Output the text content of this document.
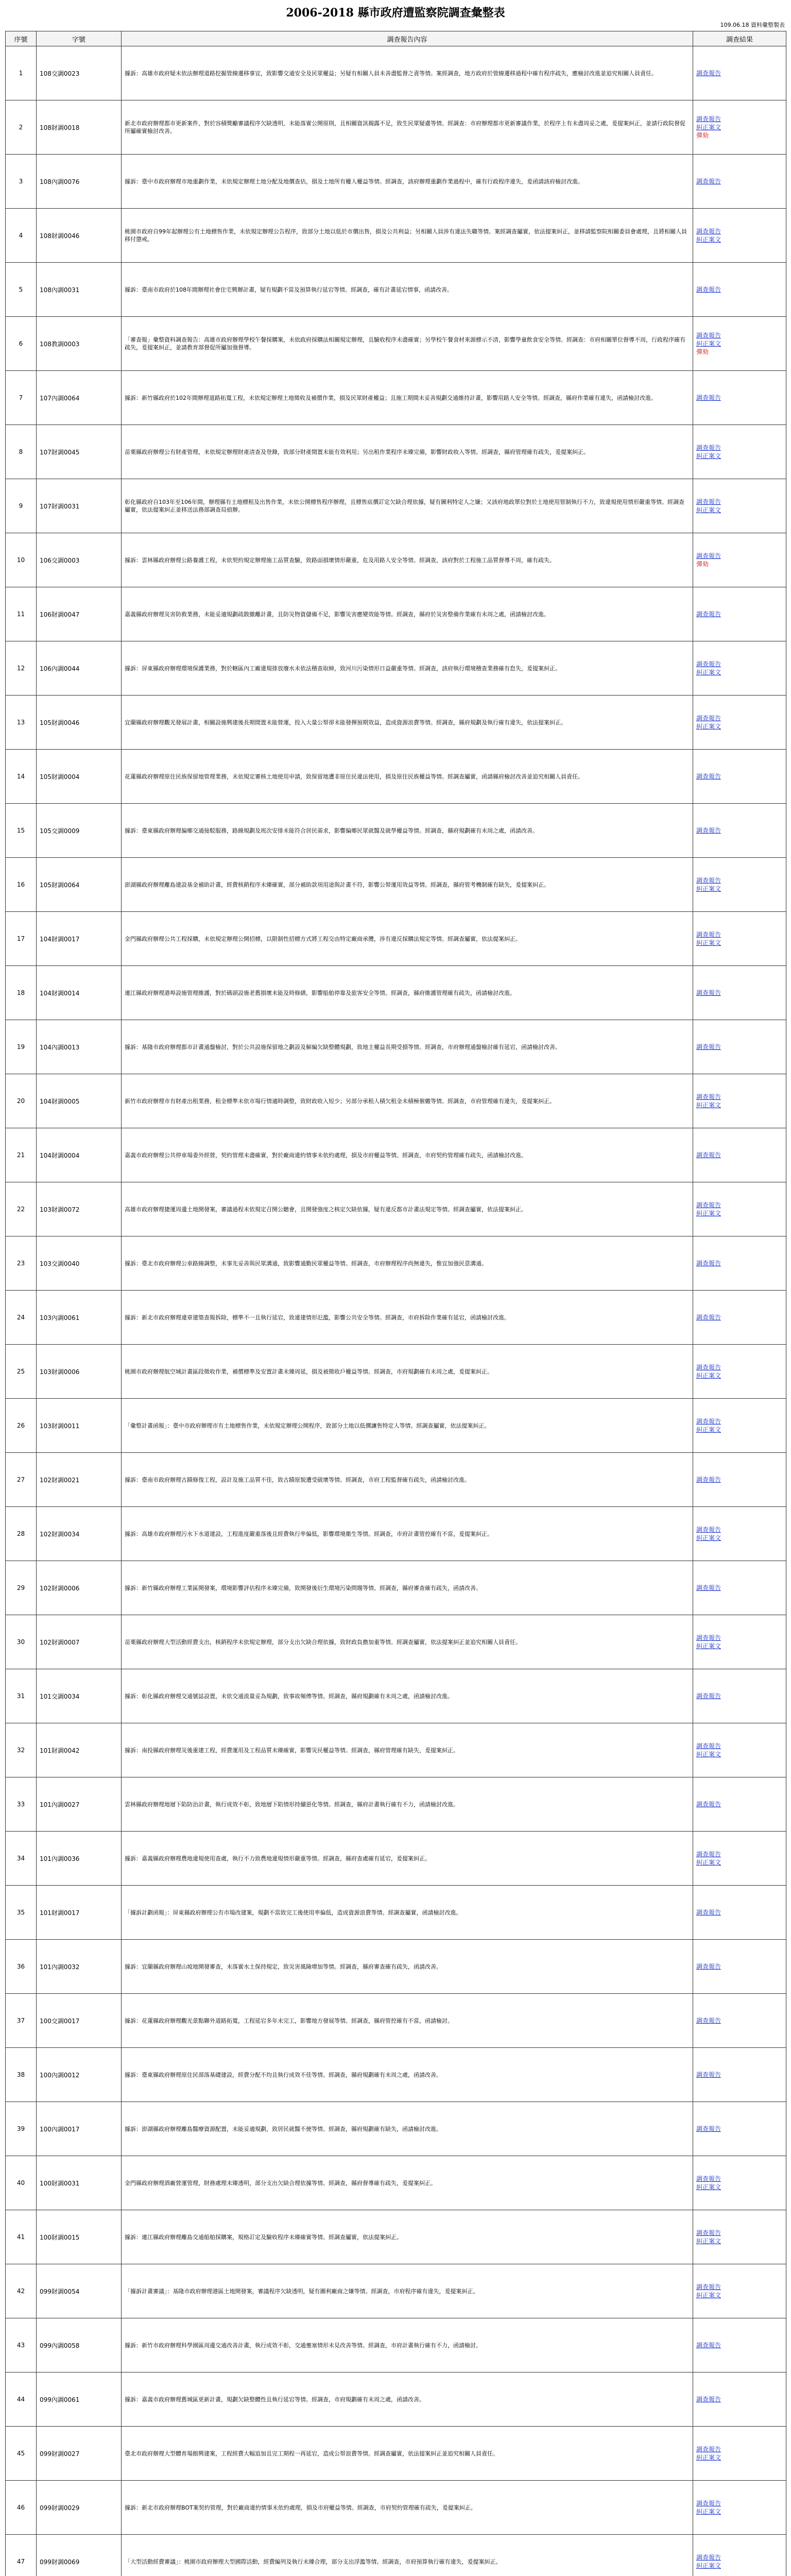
2006-2018 縣市政府遭監察院調查彙整表
109.06.18 資料彙整製表
序號	字號	調查報告內容	調查結果
1	108交調0023	據訴：高雄市政府疑未依法辦理道路挖掘管線遷移事宜，致影響交通安全及民眾權益；另疑有相關人員未善盡監督之責等情。案經調查，地方政府於管線遷移過程中確有程序疏失，應檢討改進並追究相關人員責任。	調查報告

2	108財調0018	新北市政府辦理都市更新案件，對於容積獎勵審議程序欠缺透明，未能落實公開原則，且相關資訊揭露不足，致生民眾疑慮等情。經調查：市府辦理都市更新審議作業，於程序上有未盡周妥之處，爰提案糾正，並請行政院督促所屬確實檢討改善。	調查報告
糾正案文
彈劾

3	108內調0076	據訴：臺中市政府辦理市地重劃作業，未依規定辦理土地分配及地價查估，損及土地所有權人權益等情。經調查，該府辦理重劃作業過程中，確有行政程序違失，爰函請該府檢討改進。	調查報告

4	108財調0046	桃園市政府自99年起辦理公有土地標售作業，未依規定辦理公告程序，致部分土地以低於市價出售，損及公共利益；另相關人員涉有違法失職等情。案經調查屬實，依法提案糾正，並移請監察院相關委員會處理，且將相關人員移付懲戒。	調查報告
糾正案文

5	108內調0031	據訴：臺南市政府於108年間辦理社會住宅興辦計畫，疑有規劃不當及預算執行延宕等情。經調查，確有計畫延宕情事，函請改善。	調查報告

6	108教調0003	「審查報」彙整資料調查報告：高雄市政府辦理學校午餐採購案，未依政府採購法相關規定辦理，且驗收程序未盡確實；另學校午餐食材來源標示不清，影響學童飲食安全等情。經調查：市府相關單位督導不周，行政程序確有疏失，爰提案糾正，並請教育部督促所屬加強督導。	調查報告
糾正案文
彈劾

7	107內調0064	據訴：新竹縣政府於102年間辦理道路拓寬工程，未依規定辦理土地徵收及補償作業，損及民眾財產權益；且施工期間未妥善規劃交通維持計畫，影響用路人安全等情。經調查，縣府作業確有違失，函請檢討改進。	調查報告

8	107財調0045	苗栗縣政府辦理公有財產管理，未依規定辦理財產清查及登錄，致部分財產閒置未能有效利用；另出租作業程序未臻完備，影響財政收入等情。經調查，縣府管理確有疏失，爰提案糾正。	調查報告
糾正案文

9	107財調0031	彰化縣政府自103年至106年間，辦理縣有土地標租及出售作業，未依公開標售程序辦理，且標售底價訂定欠缺合理依據，疑有圖利特定人之嫌；又該府地政單位對於土地使用管制執行不力，致違規使用情形嚴重等情。經調查屬實，依法提案糾正並移送法務部調查局偵辦。	調查報告
糾正案文

10	106交調0003	據訴：雲林縣政府辦理公路養護工程，未依契約規定辦理施工品質查驗，致路面損壞情形嚴重，危及用路人安全等情。經調查，該府對於工程施工品質督導不周，確有疏失。	調查報告
彈劾

11	106財調0047	嘉義縣政府辦理災害防救業務，未能妥適規劃疏散撤離計畫，且防災物資儲備不足，影響災害應變效能等情。經調查，縣府於災害整備作業確有未周之處，函請檢討改進。	調查報告

12	106內調0044	據訴：屏東縣政府辦理環境保護業務，對於轄區內工廠違規排放廢水未依法稽查取締，致河川污染情形日益嚴重等情。經調查，該府執行環境稽查業務確有怠失，爰提案糾正。	調查報告
糾正案文

13	105財調0046	宜蘭縣政府辦理觀光發展計畫，相關設施興建後長期閒置未能營運，投入大量公帑卻未能發揮預期效益，造成資源浪費等情。經調查，縣府規劃及執行確有違失，依法提案糾正。	調查報告
糾正案文

14	105財調0004	花蓮縣政府辦理原住民族保留地管理業務，未依規定審核土地使用申請，致保留地遭非原住民違法使用，損及原住民族權益等情。經調查屬實，函請縣府檢討改善並追究相關人員責任。	調查報告

15	105交調0009	據訴：臺東縣政府辦理偏鄉交通接駁服務，路線規劃及班次安排未能符合居民需求，影響偏鄉民眾就醫及就學權益等情。經調查，縣府規劃確有未周之處，函請改善。	調查報告

16	105財調0064	澎湖縣政府辦理離島建設基金補助計畫，經費核銷程序未臻確實，部分補助款項用途與計畫不符，影響公帑運用效益等情。經調查，縣府管考機制確有缺失，爰提案糾正。	調查報告
糾正案文

17	104財調0017	金門縣政府辦理公共工程採購，未依規定辦理公開招標，以限制性招標方式將工程交由特定廠商承攬，涉有違反採購法規定等情。經調查屬實，依法提案糾正。	調查報告
糾正案文

18	104財調0014	連江縣政府辦理港埠設施管理維護，對於碼頭設施老舊損壞未能及時修繕，影響船舶停靠及旅客安全等情。經調查，縣府維護管理確有疏失，函請檢討改進。	調查報告

19	104內調0013	據訴：基隆市政府辦理都市計畫通盤檢討，對於公共設施保留地之劃設及解編欠缺整體規劃，致地主權益長期受損等情。經調查，市府辦理通盤檢討確有延宕，函請檢討改善。	調查報告

20	104財調0005	新竹市政府辦理市有財產出租業務，租金標準未依市場行情適時調整，致財政收入短少；另部分承租人積欠租金未積極催繳等情。經調查，市府管理確有違失，爰提案糾正。	調查報告
糾正案文

21	104財調0004	嘉義市政府辦理公共停車場委外經營，契約管理未盡確實，對於廠商違約情事未依約處理，損及市府權益等情。經調查，市府契約管理確有疏失，函請檢討改進。	調查報告

22	103財調0072	高雄市政府辦理捷運周邊土地開發案，審議過程未依規定召開公聽會，且開發強度之核定欠缺依據，疑有違反都市計畫法規定等情。經調查屬實，依法提案糾正。	調查報告
糾正案文

23	103交調0040	據訴：臺北市政府辦理公車路線調整，未事先妥善與民眾溝通，致影響通勤民眾權益等情。經調查，市府辦理程序尚無違失，惟宜加強民意溝通。	調查報告

24	103內調0061	據訴：新北市政府辦理違章建築查報拆除，標準不一且執行延宕，致違建情形氾濫，影響公共安全等情。經調查，市府拆除作業確有延宕，函請檢討改進。	調查報告

25	103財調0006	桃園市政府辦理航空城計畫區段徵收作業，補償標準及安置計畫未臻周延，損及被徵收戶權益等情。經調查，市府規劃確有未周之處，爰提案糾正。	調查報告
糾正案文

26	103財調0011	「彙整計畫函報」：臺中市政府辦理市有土地標售作業，未依規定辦理公開程序，致部分土地以低價讓售特定人等情。經調查屬實，依法提案糾正。	調查報告
糾正案文

27	102財調0021	據訴：臺南市政府辦理古蹟修復工程，設計及施工品質不佳，致古蹟原貌遭受破壞等情。經調查，市府工程監督確有疏失，函請檢討改進。	調查報告

28	102財調0034	據訴：高雄市政府辦理污水下水道建設，工程進度嚴重落後且經費執行率偏低，影響環境衛生等情。經調查，市府計畫管控確有不當，爰提案糾正。	調查報告
糾正案文

29	102財調0006	據訴：新竹縣政府辦理工業區開發案，環境影響評估程序未臻完備，致開發後衍生環境污染問題等情。經調查，縣府審查確有疏失，函請改善。	調查報告

30	102財調0007	苗栗縣政府辦理大型活動經費支出，核銷程序未依規定辦理，部分支出欠缺合理依據，致財政負擔加重等情。經調查屬實，依法提案糾正並追究相關人員責任。	調查報告
糾正案文

31	101交調0034	據訴：彰化縣政府辦理交通號誌設置，未依交通流量妥為規劃，致事故頻傳等情。經調查，縣府規劃確有未周之處，函請檢討改進。	調查報告

32	101財調0042	據訴：南投縣政府辦理災後重建工程，經費運用及工程品質未臻確實，影響災民權益等情。經調查，縣府管理確有缺失，爰提案糾正。	調查報告
糾正案文

33	101內調0027	雲林縣政府辦理地層下陷防治計畫，執行成效不彰，致地層下陷情形持續惡化等情。經調查，縣府計畫執行確有不力，函請檢討改進。	調查報告

34	101內調0036	據訴：嘉義縣政府辦理農地違規使用查處，執行不力致農地違規情形嚴重等情。經調查，縣府查處確有延宕，爰提案糾正。	調查報告
糾正案文

35	101財調0017	「據訴計劃函報」：屏東縣政府辦理公有市場改建案，規劃不當致完工後使用率偏低，造成資源浪費等情。經調查屬實，函請檢討改進。	調查報告

36	101內調0032	據訴：宜蘭縣政府辦理山坡地開發審查，未落實水土保持規定，致災害風險增加等情。經調查，縣府審查確有疏失，函請改善。	調查報告

37	100交調0017	據訴：花蓮縣政府辦理觀光景點聯外道路拓寬，工程延宕多年未完工，影響地方發展等情。經調查，縣府管控確有不當，函請檢討。	調查報告

38	100內調0012	據訴：臺東縣政府辦理原住民部落基礎建設，經費分配不均且執行成效不佳等情。經調查，縣府規劃確有未周之處，函請改善。	調查報告

39	100內調0017	據訴：澎湖縣政府辦理離島醫療資源配置，未能妥適規劃，致居民就醫不便等情。經調查，縣府規劃確有缺失，函請檢討改進。	調查報告

40	100財調0031	金門縣政府辦理酒廠營運管理，財務處理未臻透明，部分支出欠缺合理依據等情。經調查，縣府督導確有疏失，爰提案糾正。	調查報告
糾正案文

41	100財調0015	據訴：連江縣政府辦理離島交通船舶採購案，規格訂定及驗收程序未臻確實等情。經調查屬實，依法提案糾正。	調查報告
糾正案文

42	099財調0054	「據訴計畫審議」：基隆市政府辦理港區土地開發案，審議程序欠缺透明，疑有圖利廠商之嫌等情。經調查，市府程序確有違失，爰提案糾正。	調查報告
糾正案文

43	099內調0058	據訴：新竹市政府辦理科學園區周邊交通改善計畫，執行成效不彰，交通壅塞情形未見改善等情。經調查，市府計畫執行確有不力，函請檢討。	調查報告

44	099內調0061	據訴：嘉義市政府辦理舊城區更新計畫，規劃欠缺整體性且執行延宕等情。經調查，市府規劃確有未周之處，函請改善。	調查報告

45	099財調0027	臺北市政府辦理大型體育場館興建案，工程經費大幅追加且完工期程一再延宕，造成公帑浪費等情。經調查屬實，依法提案糾正並追究相關人員責任。	調查報告
糾正案文

46	099財調0029	據訴：新北市政府辦理BOT案契約管理，對於廠商違約情事未依約處理，損及市府權益等情。經調查，市府契約管理確有疏失，爰提案糾正。	調查報告
糾正案文

47	099財調0069	「大型活動經費審議」：桃園市政府辦理大型國際活動，經費編列及執行未臻合理，部分支出浮濫等情。經調查，市府預算執行確有違失，爰提案糾正。	調查報告
糾正案文
